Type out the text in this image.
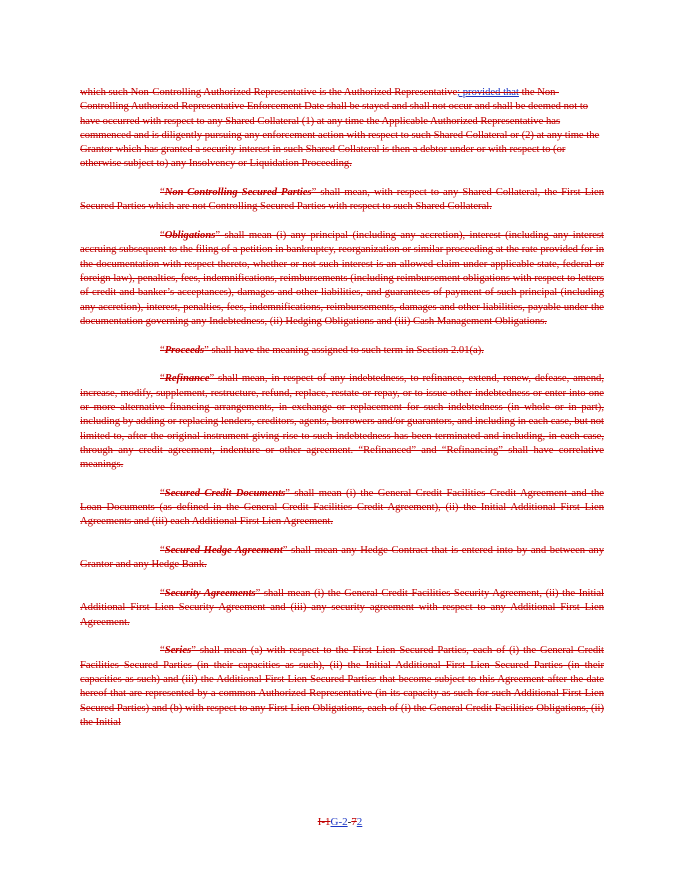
which such Non-Controlling Authorized Representative is the Authorized Representative; provided that the Non-Controlling Authorized Representative Enforcement Date shall be stayed and shall not occur and shall be deemed not to have occurred with respect to any Shared Collateral (1) at any time the Applicable Authorized Representative has commenced and is diligently pursuing any enforcement action with respect to such Shared Collateral or (2) at any time the Grantor which has granted a security interest in such Shared Collateral is then a debtor under or with respect to (or otherwise subject to) any Insolvency or Liquidation Proceeding.

“Non-Controlling Secured Parties” shall mean, with respect to any Shared Collateral, the First Lien Secured Parties which are not Controlling Secured Parties with respect to such Shared Collateral.

“Obligations” shall mean (i) any principal (including any accretion), interest (including any interest accruing subsequent to the filing of a petition in bankruptcy, reorganization or similar proceeding at the rate provided for in the documentation with respect thereto, whether or not such interest is an allowed claim under applicable state, federal or foreign law), penalties, fees, indemnifications, reimbursements (including reimbursement obligations with respect to letters of credit and banker’s acceptances), damages and other liabilities, and guarantees of payment of such principal (including any accretion), interest, penalties, fees, indemnifications, reimbursements, damages and other liabilities, payable under the documentation governing any Indebtedness, (ii) Hedging Obligations and (iii) Cash Management Obligations.

“Proceeds” shall have the meaning assigned to such term in Section 2.01(a).

“Refinance” shall mean, in respect of any indebtedness, to refinance, extend, renew, defease, amend, increase, modify, supplement, restructure, refund, replace, restate or repay, or to issue other indebtedness or enter into one or more alternative financing arrangements, in exchange or replacement for such indebtedness (in whole or in part), including by adding or replacing lenders, creditors, agents, borrowers and/or guarantors, and including in each case, but not limited to, after the original instrument giving rise to such indebtedness has been terminated and including, in each case, through any credit agreement, indenture or other agreement. “Refinanced” and “Refinancing” shall have correlative meanings.

“Secured Credit Documents” shall mean (i) the General Credit Facilities Credit Agreement and the Loan Documents (as defined in the General Credit Facilities Credit Agreement), (ii) the Initial Additional First Lien Agreements and (iii) each Additional First Lien Agreement.

“Secured Hedge Agreement” shall mean any Hedge Contract that is entered into by and between any Grantor and any Hedge Bank.

“Security Agreements” shall mean (i) the General Credit Facilities Security Agreement, (ii) the Initial Additional First Lien Security Agreement and (iii) any security agreement with respect to any Additional First Lien Agreement.

“Series” shall mean (a) with respect to the First Lien Secured Parties, each of (i) the General Credit Facilities Secured Parties (in their capacities as such), (ii) the Initial Additional First Lien Secured Parties (in their capacities as such) and (iii) the Additional First Lien Secured Parties that become subject to this Agreement after the date hereof that are represented by a common Authorized Representative (in its capacity as such for such Additional First Lien Secured Parties) and (b) with respect to any First Lien Obligations, each of (i) the General Credit Facilities Obligations, (ii) the Initial

I-1G-2-72
